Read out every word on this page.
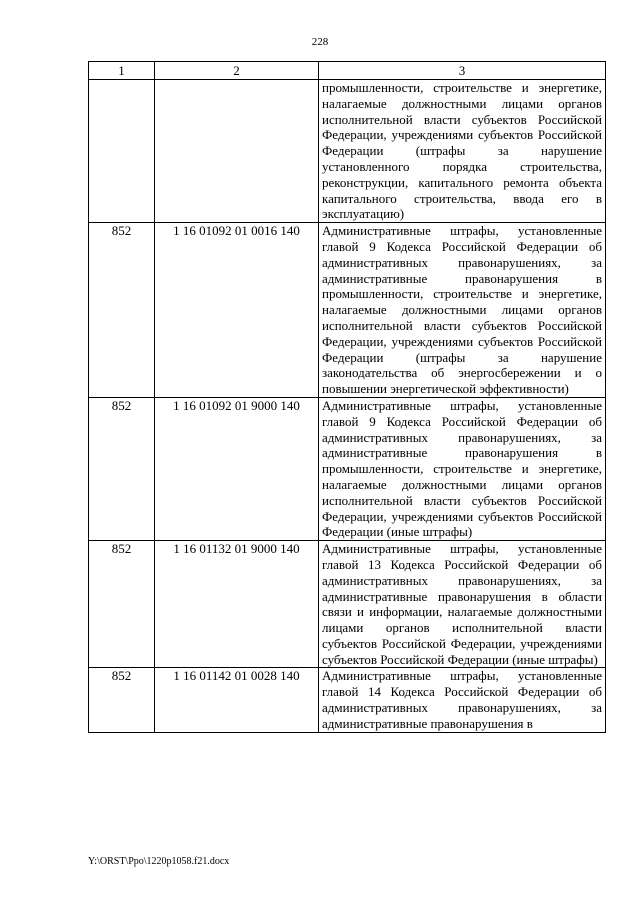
228
1	2	3
		промышленности, строительстве и энергетике, налагаемые должностными лицами органов исполнительной власти субъектов Российской Федерации, учреждениями субъектов Российской Федерации (штрафы за нарушение установленного порядка строительства, реконструкции, капитального ремонта объекта капитального строительства, ввода его в эксплуатацию)
852	1 16 01092 01 0016 140	Административные штрафы, установленные главой 9 Кодекса Российской Федерации об административных правонарушениях, за административные правонарушения в промышленности, строительстве и энергетике, налагаемые должностными лицами органов исполнительной власти субъектов Российской Федерации, учреждениями субъектов Российской Федерации (штрафы за нарушение законодательства об энергосбережении и о повышении энергетической эффективности)
852	1 16 01092 01 9000 140	Административные штрафы, установленные главой 9 Кодекса Российской Федерации об административных правонарушениях, за административные правонарушения в промышленности, строительстве и энергетике, налагаемые должностными лицами органов исполнительной власти субъектов Российской Федерации, учреждениями субъектов Российской Федерации (иные штрафы)
852	1 16 01132 01 9000 140	Административные штрафы, установленные главой 13 Кодекса Российской Федерации об административных правонарушениях, за административные правонарушения в области связи и информации, налагаемые должностными лицами органов исполнительной власти субъектов Российской Федерации, учреждениями субъектов Российской Федерации (иные штрафы)
852	1 16 01142 01 0028 140	Административные штрафы, установленные главой 14 Кодекса Российской Федерации об административных правонарушениях, за административные правонарушения в
Y:\ORST\Ppo\1220p1058.f21.docx
